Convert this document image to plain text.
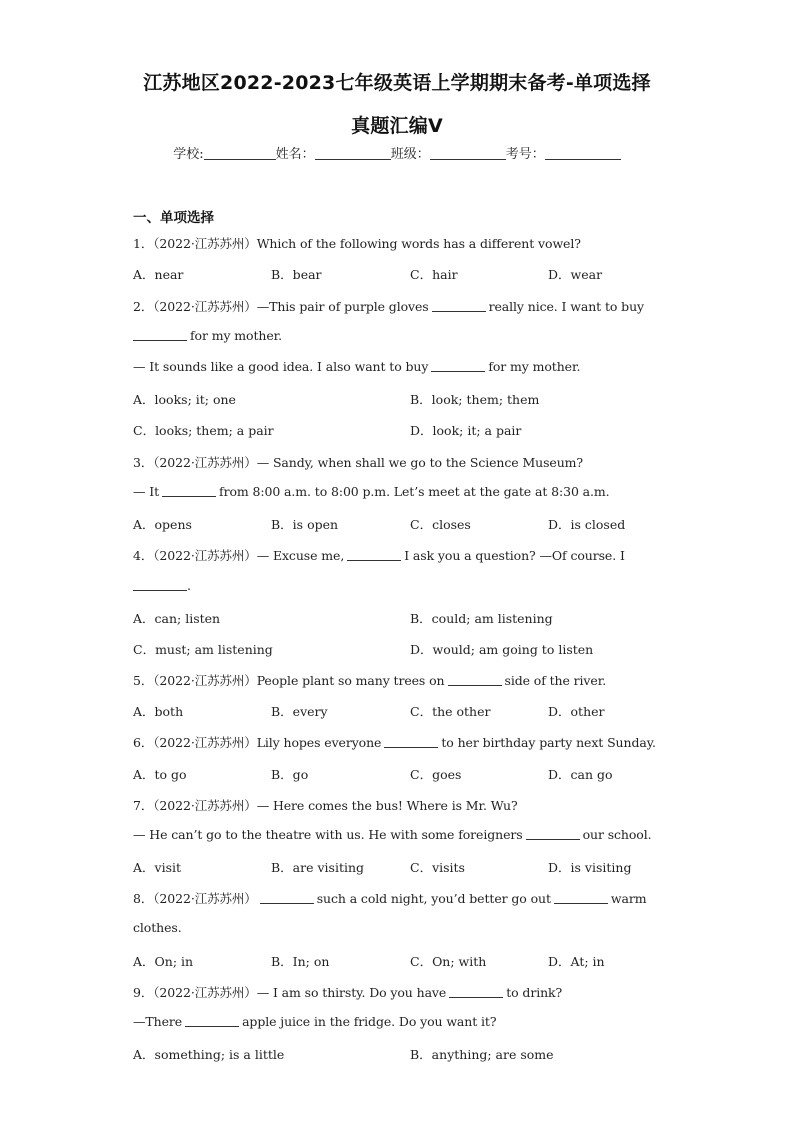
江苏地区2022-2023七年级英语上学期期末备考-单项选择
真题汇编Ⅴ
学校:	姓名：	班级：	考号：
一、单项选择
1．（2022·江苏苏州）Which of the following words has a different vowel?
A．near	B．bear	C．hair	D．wear
2．（2022·江苏苏州）—This pair of purple gloves	really nice. I want to buy
for my mother.
— It sounds like a good idea. I also want to buy	for my mother.
A．looks; it; one	B．look; them; them
C．looks; them; a pair	D．look; it; a pair
3．（2022·江苏苏州）— Sandy, when shall we go to the Science Museum?
— It	from 8:00 a.m. to 8:00 p.m. Let’s meet at the gate at 8:30 a.m.
A．opens	B．is open	C．closes	D．is closed
4．（2022·江苏苏州）— Excuse me,	I ask you a question? —Of course. I
.
A．can; listen	B．could; am listening
C．must; am listening	D．would; am going to listen
5．（2022·江苏苏州）People plant so many trees on	side of the river.
A．both	B．every	C．the other	D．other
6．（2022·江苏苏州）Lily hopes everyone	to her birthday party next Sunday.
A．to go	B．go	C．goes	D．can go
7．（2022·江苏苏州）— Here comes the bus! Where is Mr. Wu?
— He can’t go to the theatre with us. He with some foreigners	our school.
A．visit	B．are visiting	C．visits	D．is visiting
8．（2022·江苏苏州）	such a cold night, you’d better go out	warm
clothes.
A．On; in	B．In; on	C．On; with	D．At; in
9．（2022·江苏苏州）— I am so thirsty. Do you have	to drink?
—There	apple juice in the fridge. Do you want it?
A．something; is a little	B．anything; are some
